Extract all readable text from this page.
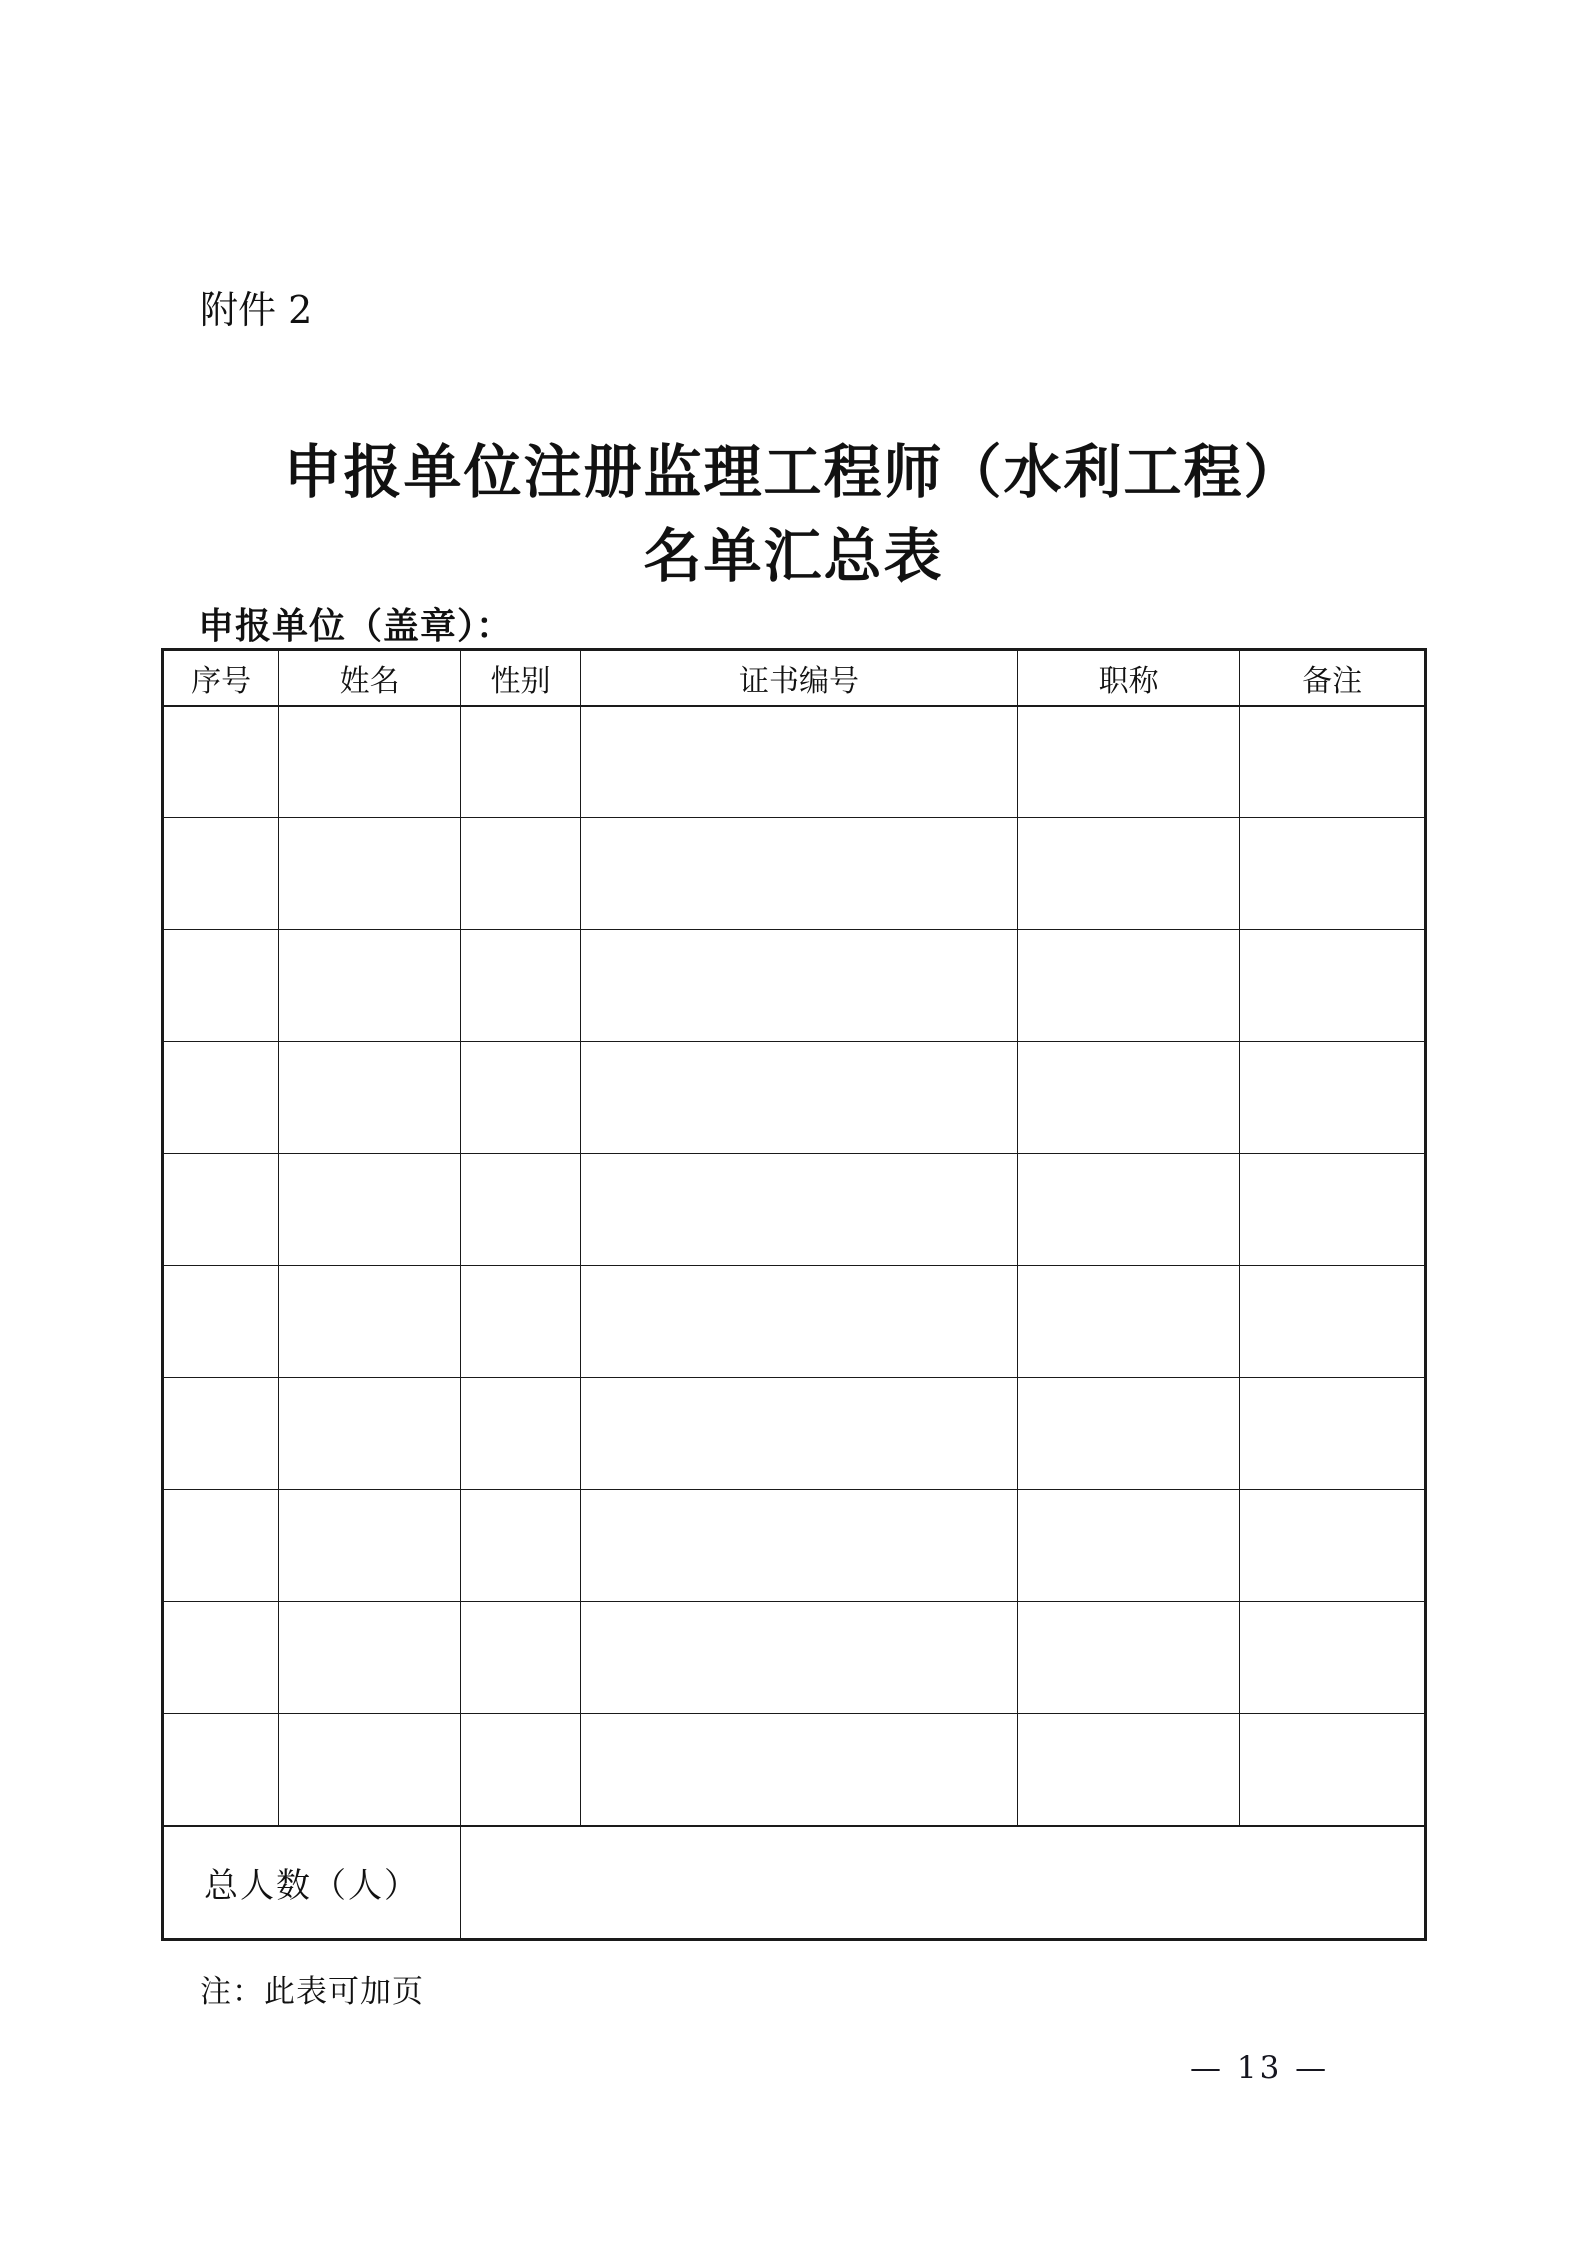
附件 2
申报单位注册监理工程师（水利工程）
名单汇总表
申报单位（盖章）：
序号	姓名	性别	证书编号	职称	备注

总人数（人）					
注：此表可加页
— 13 —
